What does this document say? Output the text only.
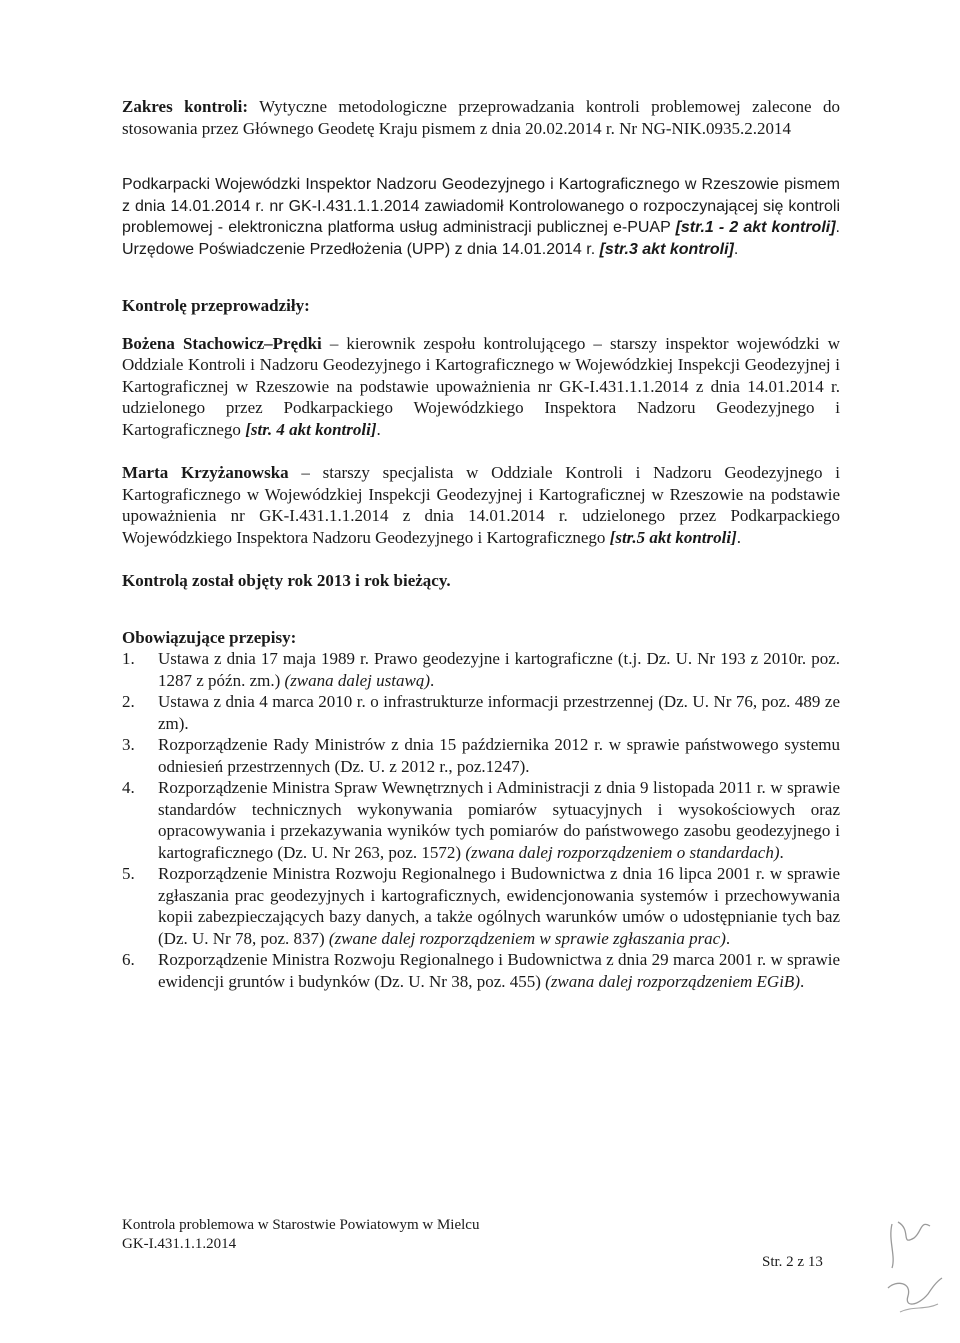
Zakres kontroli: Wytyczne metodologiczne przeprowadzania kontroli problemowej zalecone do stosowania przez Głównego Geodetę Kraju pismem z dnia 20.02.2014 r. Nr NG-NIK.0935.2.2014

Podkarpacki Wojewódzki Inspektor Nadzoru Geodezyjnego i Kartograficznego w Rzeszowie pismem z dnia 14.01.2014 r. nr GK-I.431.1.1.2014 zawiadomił Kontrolowanego o rozpoczynającej się kontroli problemowej - elektroniczna platforma usług administracji publicznej e-PUAP [str.1 - 2 akt kontroli]. Urzędowe Poświadczenie Przedłożenia (UPP) z dnia 14.01.2014 r. [str.3 akt kontroli].

Kontrolę przeprowadziły:

Bożena Stachowicz–Prędki – kierownik zespołu kontrolującego – starszy inspektor wojewódzki w Oddziale Kontroli i Nadzoru Geodezyjnego i Kartograficznego w Wojewódzkiej Inspekcji Geodezyjnej i Kartograficznej w Rzeszowie na podstawie upoważnienia nr GK-I.431.1.1.2014 z dnia 14.01.2014 r. udzielonego przez Podkarpackiego Wojewódzkiego Inspektora Nadzoru Geodezyjnego i Kartograficznego [str. 4 akt kontroli].

Marta Krzyżanowska – starszy specjalista w Oddziale Kontroli i Nadzoru Geodezyjnego i Kartograficznego w Wojewódzkiej Inspekcji Geodezyjnej i Kartograficznej w Rzeszowie na podstawie upoważnienia nr GK-I.431.1.1.2014 z dnia 14.01.2014 r. udzielonego przez Podkarpackiego Wojewódzkiego Inspektora Nadzoru Geodezyjnego i Kartograficznego [str.5 akt kontroli].

Kontrolą został objęty rok 2013 i rok bieżący.

Obowiązujące przepisy:

1.	Ustawa z dnia 17 maja 1989 r. Prawo geodezyjne i kartograficzne (t.j. Dz. U. Nr 193 z 2010r. poz. 1287 z późn. zm.) (zwana dalej ustawą).
2.	Ustawa z dnia 4 marca 2010 r. o infrastrukturze informacji przestrzennej (Dz. U. Nr 76, poz. 489 ze zm).
3.	Rozporządzenie Rady Ministrów z dnia 15 października 2012 r. w sprawie państwowego systemu odniesień przestrzennych (Dz. U. z 2012 r., poz.1247).
4.	Rozporządzenie Ministra Spraw Wewnętrznych i Administracji z dnia 9 listopada 2011 r. w sprawie standardów technicznych wykonywania pomiarów sytuacyjnych i wysokościowych oraz opracowywania i przekazywania wyników tych pomiarów do państwowego zasobu geodezyjnego i kartograficznego (Dz. U. Nr 263, poz. 1572) (zwana dalej rozporządzeniem o standardach).
5.	Rozporządzenie Ministra Rozwoju Regionalnego i Budownictwa z dnia 16 lipca 2001 r. w sprawie zgłaszania prac geodezyjnych i kartograficznych, ewidencjonowania systemów i przechowywania kopii zabezpieczających bazy danych, a także ogólnych warunków umów o udostępnianie tych baz (Dz. U. Nr 78, poz. 837) (zwane dalej rozporządzeniem w sprawie zgłaszania prac).
6.	Rozporządzenie Ministra Rozwoju Regionalnego i Budownictwa z dnia 29 marca 2001 r. w sprawie ewidencji gruntów i budynków (Dz. U. Nr 38, poz. 455) (zwana dalej rozporządzeniem EGiB).
Kontrola problemowa w Starostwie Powiatowym w Mielcu
GK-I.431.1.1.2014
Str. 2 z 13
